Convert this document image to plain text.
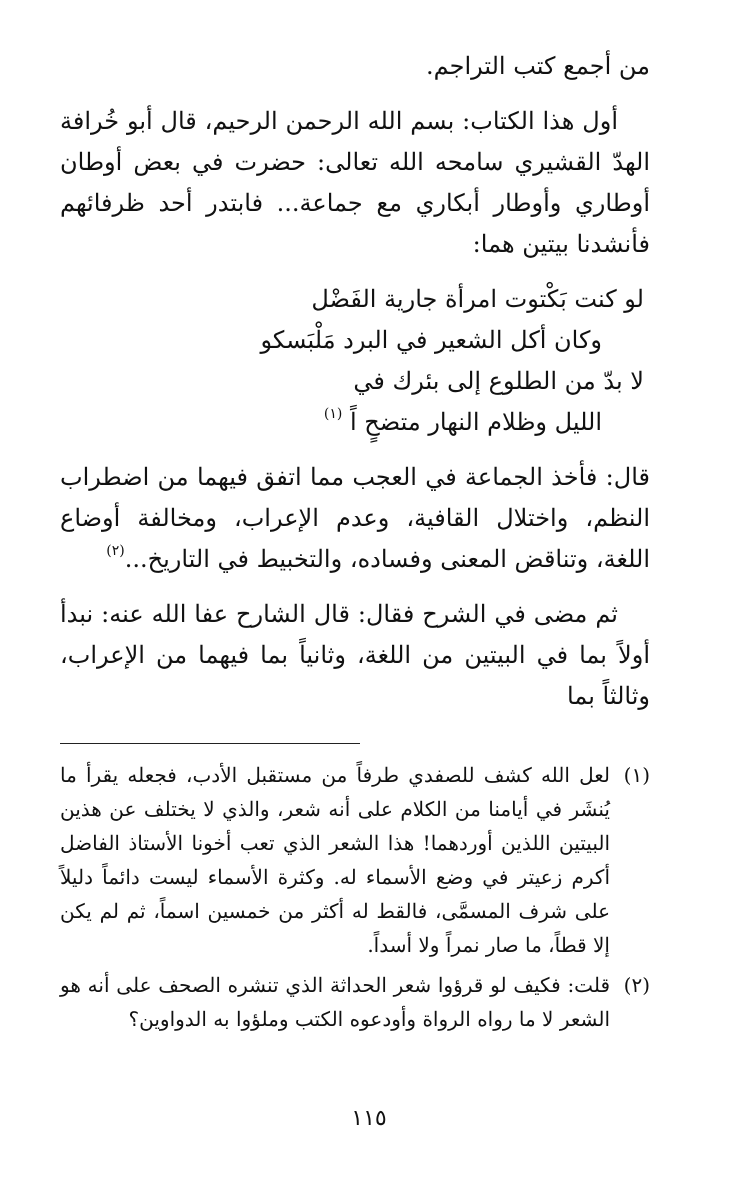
من أجمع كتب التراجم.

أول هذا الكتاب: بسم الله الرحمن الرحيم، قال أبو خُرافة الهدّ القشيري سامحه الله تعالى: حضرت في بعض أوطان أوطاري وأوطار أبكاري مع جماعة... فابتدر أحد ظرفائهم فأنشدنا بيتين هما:

لو كنت بَكْتوت امرأة جارية الفَضْل
وكان أكل الشعير في البرد مَلْبَسكو
لا بدّ من الطلوع إلى بئرك في
الليل وظلام النهار متضحٍ اً $^{(١)}$

قال: فأخذ الجماعة في العجب مما اتفق فيهما من اضطراب النظم، واختلال القافية، وعدم الإعراب، ومخالفة أوضاع اللغة، وتناقض المعنى وفساده، والتخبيط في التاريخ...$^{(٢)}$

ثم مضى في الشرح فقال: قال الشارح عفا الله عنه: نبدأ أولاً بما في البيتين من اللغة، وثانياً بما فيهما من الإعراب، وثالثاً بما

(١)
لعل الله كشف للصفدي طرفاً من مستقبل الأدب، فجعله يقرأ ما يُنشَر في أيامنا من الكلام على أنه شعر، والذي لا يختلف عن هذين البيتين اللذين أوردهما! هذا الشعر الذي تعب أخونا الأستاذ الفاضل أكرم زعيتر في وضع الأسماء له. وكثرة الأسماء ليست دائماً دليلاً على شرف المسمَّى، فالقط له أكثر من خمسين اسماً، ثم لم يكن إلا قطاً، ما صار نمراً ولا أسداً.

(٢)
قلت: فكيف لو قرؤوا شعر الحداثة الذي تنشره الصحف على أنه هو الشعر لا ما رواه الرواة وأودعوه الكتب وملؤوا به الدواوين؟

١١٥
